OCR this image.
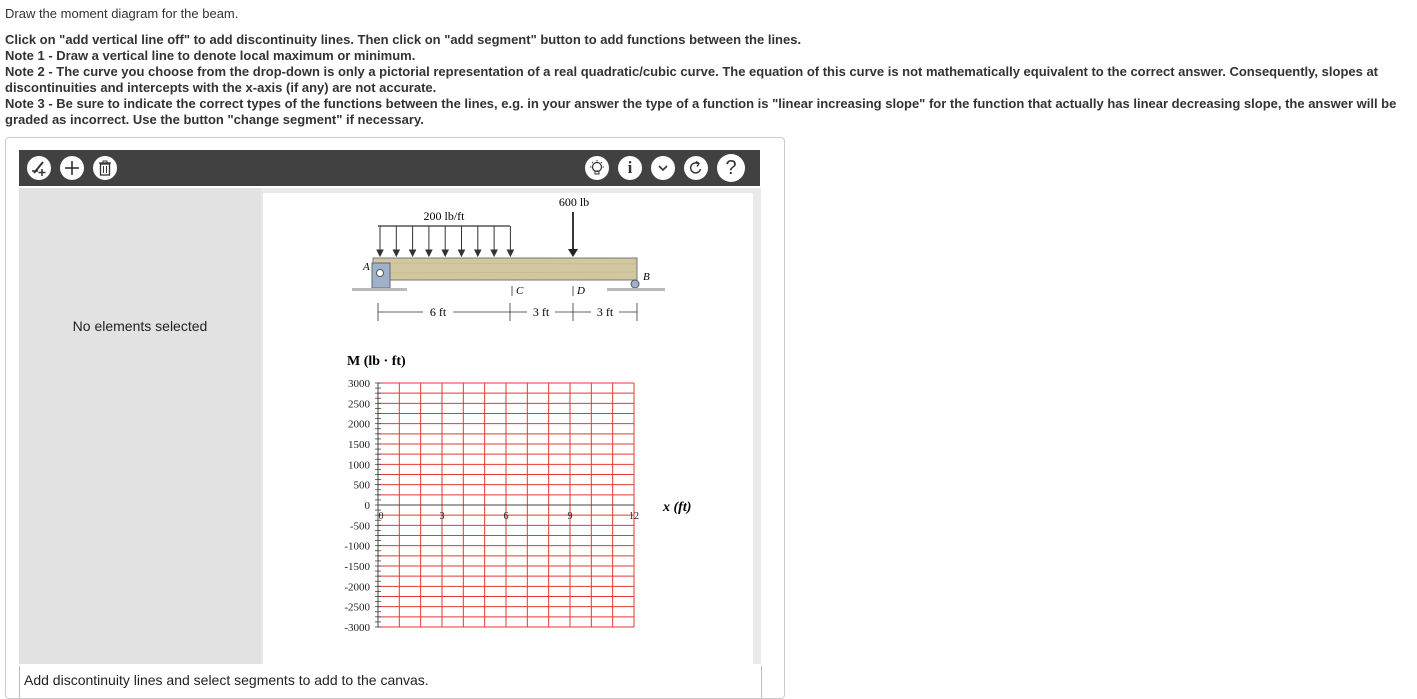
Draw the moment diagram for the beam.
Click on "add vertical line off" to add discontinuity lines. Then click on "add segment" button to add functions between the lines.
Note 1 - Draw a vertical line to denote local maximum or minimum.
Note 2 - The curve you choose from the drop-down is only a pictorial representation of a real quadratic/cubic curve. The equation of this curve is not mathematically equivalent to the correct answer. Consequently, slopes at discontinuities and intercepts with the x-axis (if any) are not accurate.
Note 3 - Be sure to indicate the correct types of the functions between the lines, e.g. in your answer the type of a function is "linear increasing slope" for the function that actually has linear decreasing slope, the answer will be graded as incorrect. Use the button "change segment" if necessary.
i	?
No elements selected
200 lb/ft
600 lb
A
B
C	D
6 ft	3 ft	3 ft
M (lb · ft)
3000
2500
2000
1500
1000
500
0
-500
-1000
-1500
-2000
-2500
-3000
0	3	6	9	12
x (ft)
Add discontinuity lines and select segments to add to the canvas.
